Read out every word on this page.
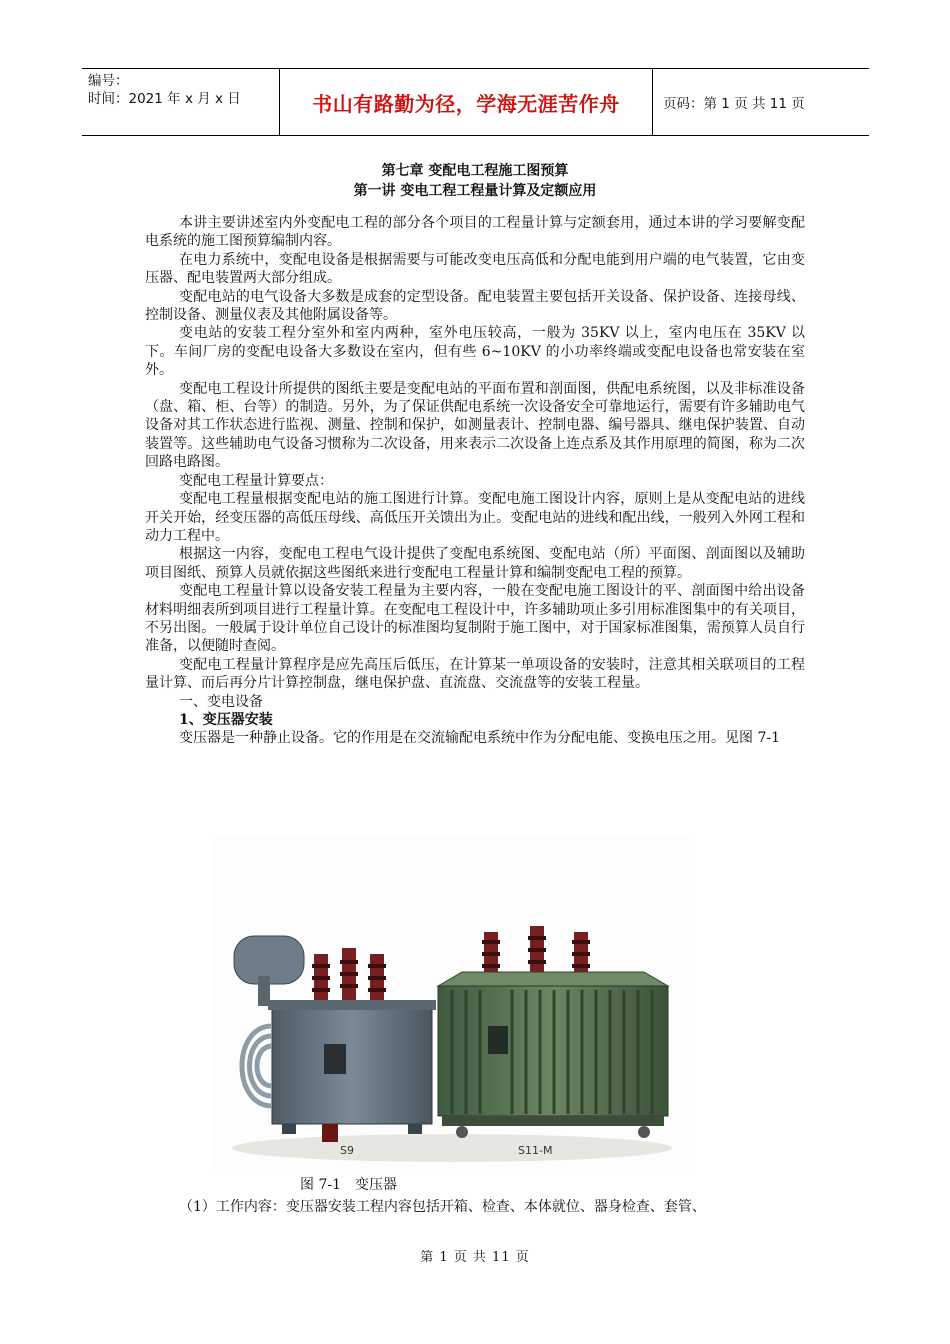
编号：
时间：2021 年 x 月 x 日	书山有路勤为径，学海无涯苦作舟	页码：第 1 页 共 11 页
第七章 变配电工程施工图预算
第一讲 变电工程工程量计算及定额应用

本讲主要讲述室内外变配电工程的部分各个项目的工程量计算与定额套用，通过本讲的学习要解变配电系统的施工图预算编制内容。

在电力系统中，变配电设备是根据需要与可能改变电压高低和分配电能到用户端的电气装置，它由变压器、配电装置两大部分组成。

变配电站的电气设备大多数是成套的定型设备。配电装置主要包括开关设备、保护设备、连接母线、控制设备、测量仪表及其他附属设备等。

变电站的安装工程分室外和室内两种，室外电压较高，一般为 35KV 以上，室内电压在 35KV 以下。车间厂房的变配电设备大多数设在室内，但有些 6~10KV 的小功率终端或变配电设备也常安装在室外。

变配电工程设计所提供的图纸主要是变配电站的平面布置和剖面图，供配电系统图，以及非标准设备（盘、箱、柜、台等）的制造。另外，为了保证供配电系统一次设备安全可靠地运行，需要有许多辅助电气设备对其工作状态进行监视、测量、控制和保护，如测量表计、控制电器、编号器具、继电保护装置、自动装置等。这些辅助电气设备习惯称为二次设备，用来表示二次设备上连点系及其作用原理的简图，称为二次回路电路图。

变配电工程量计算要点：

变配电工程量根据变配电站的施工图进行计算。变配电施工图设计内容，原则上是从变配电站的进线开关开始，经变压器的高低压母线、高低压开关馈出为止。变配电站的进线和配出线，一般列入外网工程和动力工程中。

根据这一内容，变配电工程电气设计提供了变配电系统图、变配电站（所）平面图、剖面图以及辅助项目图纸、预算人员就依据这些图纸来进行变配电工程量计算和编制变配电工程的预算。

变配电工程量计算以设备安装工程量为主要内容，一般在变配电施工图设计的平、剖面图中给出设备材料明细表所到项目进行工程量计算。在变配电工程设计中，许多辅助项止多引用标准图集中的有关项目，不另出图。一般属于设计单位自己设计的标准图均复制附于施工图中，对于国家标准图集，需预算人员自行准备，以便随时查阅。

变配电工程量计算程序是应先高压后低压，在计算某一单项设备的安装时，注意其相关联项目的工程量计算、而后再分片计算控制盘，继电保护盘、直流盘、交流盘等的安装工程量。

一、变电设备

1、变压器安装

变压器是一种静止设备。它的作用是在交流输配电系统中作为分配电能、变换电压之用。见图 7-1

S9	S11-M
图 7-1 变压器
（1）工作内容：变压器安装工程内容包括开箱、检查、本体就位、器身检查、套管、
第 1 页 共 11 页
